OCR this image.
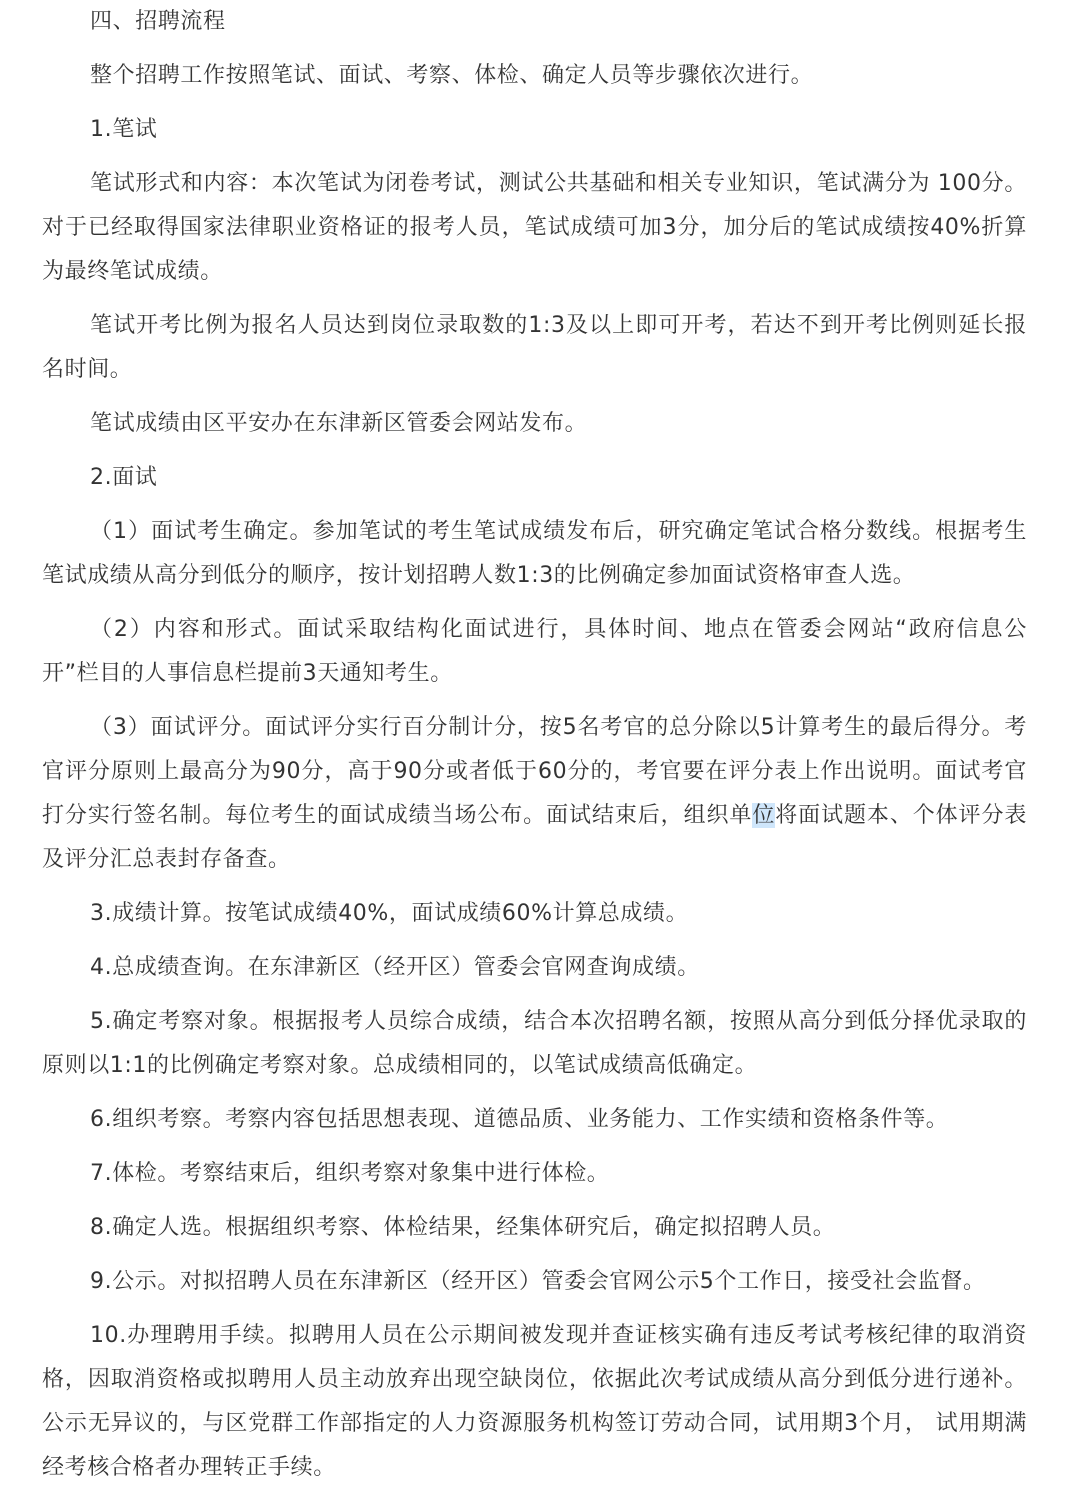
四、招聘流程

整个招聘工作按照笔试、面试、考察、体检、确定人员等步骤依次进行。

1.笔试

笔试形式和内容：本次笔试为闭卷考试，测试公共基础和相关专业知识，笔试满分为 100分。对于已经取得国家法律职业资格证的报考人员，笔试成绩可加3分，加分后的笔试成绩按40%折算为最终笔试成绩。

笔试开考比例为报名人员达到岗位录取数的1:3及以上即可开考，若达不到开考比例则延长报名时间。

笔试成绩由区平安办在东津新区管委会网站发布。

2.面试

（1）面试考生确定。参加笔试的考生笔试成绩发布后，研究确定笔试合格分数线。根据考生笔试成绩从高分到低分的顺序，按计划招聘人数1:3的比例确定参加面试资格审查人选。

（2）内容和形式。面试采取结构化面试进行，具体时间、地点在管委会网站“政府信息公开”栏目的人事信息栏提前3天通知考生。

（3）面试评分。面试评分实行百分制计分，按5名考官的总分除以5计算考生的最后得分。考官评分原则上最高分为90分，高于90分或者低于60分的，考官要在评分表上作出说明。面试考官打分实行签名制。每位考生的面试成绩当场公布。面试结束后，组织单位将面试题本、个体评分表及评分汇总表封存备查。

3.成绩计算。按笔试成绩40%，面试成绩60%计算总成绩。

4.总成绩查询。在东津新区（经开区）管委会官网查询成绩。

5.确定考察对象。根据报考人员综合成绩，结合本次招聘名额，按照从高分到低分择优录取的原则以1:1的比例确定考察对象。总成绩相同的，以笔试成绩高低确定。

6.组织考察。考察内容包括思想表现、道德品质、业务能力、工作实绩和资格条件等。

7.体检。考察结束后，组织考察对象集中进行体检。

8.确定人选。根据组织考察、体检结果，经集体研究后，确定拟招聘人员。

9.公示。对拟招聘人员在东津新区（经开区）管委会官网公示5个工作日，接受社会监督。

10.办理聘用手续。拟聘用人员在公示期间被发现并查证核实确有违反考试考核纪律的取消资格，因取消资格或拟聘用人员主动放弃出现空缺岗位，依据此次考试成绩从高分到低分进行递补。公示无异议的，与区党群工作部指定的人力资源服务机构签订劳动合同，试用期3个月， 试用期满经考核合格者办理转正手续。
